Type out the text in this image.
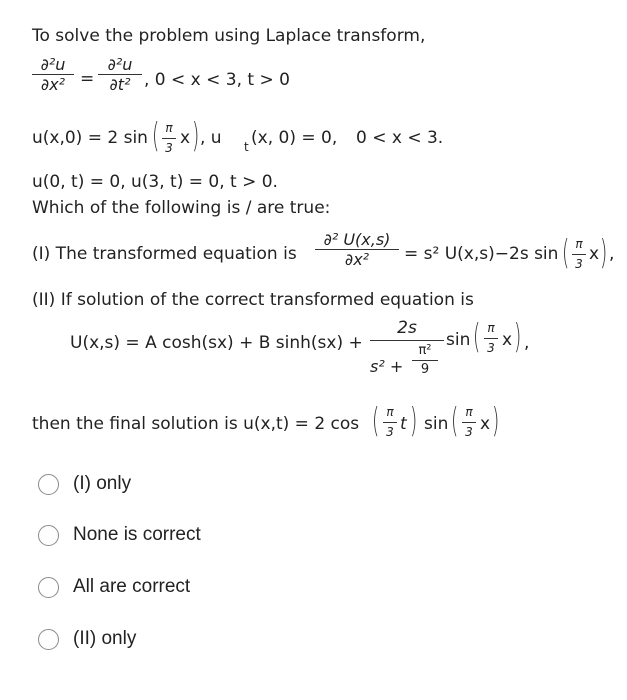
To solve the problem using Laplace transform,
∂²u
∂x² =
∂²u
∂t² , 0 < x < 3, t > 0
u(x,0) = 2 sin ( π
3 x ) , u t (x, 0) = 0, 0 < x < 3.
u(0, t) = 0, u(3, t) = 0, t > 0.
Which of the following is / are true:
(I) The transformed equation is
∂² U(x,s)
∂x²	= s² U(x,s)−2s sin ( π
3 x ) ,
(II) If solution of the correct transformed equation is
U(x,s) = A cosh(sx) + B sinh(sx) +
2s
s² +
π²
9
sin ( π
3 x ) ,
then the final solution is u(x,t) = 2 cos ( π
3 t ) sin ( π
3 x )
(I) only
None is correct
All are correct
(II) only
